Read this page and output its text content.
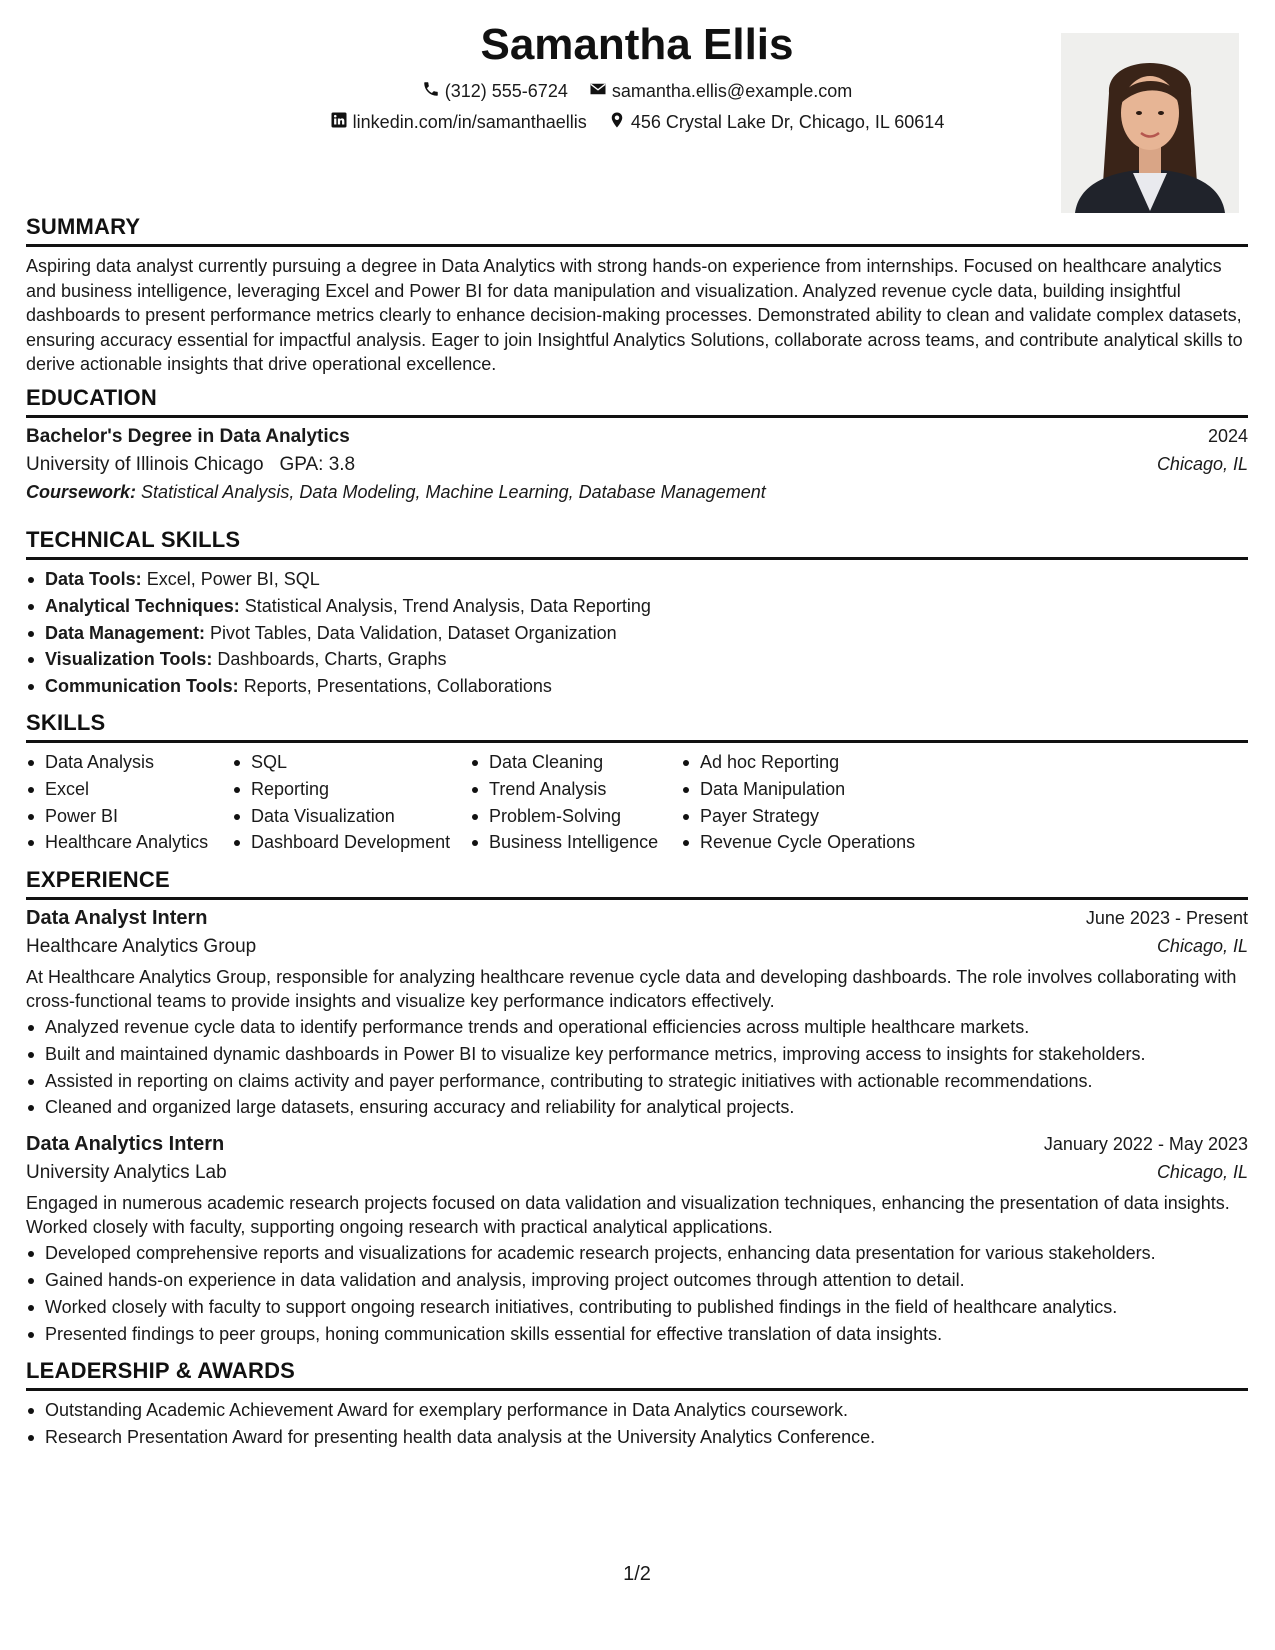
Samantha Ellis
(312) 555-6724
samantha.ellis@example.com
linkedin.com/in/samanthaellis
456 Crystal Lake Dr, Chicago, IL 60614
SUMMARY

Aspiring data analyst currently pursuing a degree in Data Analytics with strong hands-on experience from internships. Focused on healthcare analytics and business intelligence, leveraging Excel and Power BI for data manipulation and visualization. Analyzed revenue cycle data, building insightful dashboards to present performance metrics clearly to enhance decision-making processes. Demonstrated ability to clean and validate complex datasets, ensuring accuracy essential for impactful analysis. Eager to join Insightful Analytics Solutions, collaborate across teams, and contribute analytical skills to derive actionable insights that drive operational excellence.

EDUCATION
Bachelor's Degree in Data Analytics	2024
University of Illinois Chicago GPA: 3.8	Chicago, IL
Coursework: Statistical Analysis, Data Modeling, Machine Learning, Database Management
TECHNICAL SKILLS
Data Tools: Excel, Power BI, SQL
Analytical Techniques: Statistical Analysis, Trend Analysis, Data Reporting
Data Management: Pivot Tables, Data Validation, Dataset Organization
Visualization Tools: Dashboards, Charts, Graphs
Communication Tools: Reports, Presentations, Collaborations
SKILLS
Data Analysis
Excel
Power BI
Healthcare Analytics
SQL
Reporting
Data Visualization
Dashboard Development
Data Cleaning
Trend Analysis
Problem-Solving
Business Intelligence
Ad hoc Reporting
Data Manipulation
Payer Strategy
Revenue Cycle Operations
EXPERIENCE
Data Analyst Intern	June 2023 - Present
Healthcare Analytics Group	Chicago, IL

At Healthcare Analytics Group, responsible for analyzing healthcare revenue cycle data and developing dashboards. The role involves collaborating with cross-functional teams to provide insights and visualize key performance indicators effectively.

Analyzed revenue cycle data to identify performance trends and operational efficiencies across multiple healthcare markets.
Built and maintained dynamic dashboards in Power BI to visualize key performance metrics, improving access to insights for stakeholders.
Assisted in reporting on claims activity and payer performance, contributing to strategic initiatives with actionable recommendations.
Cleaned and organized large datasets, ensuring accuracy and reliability for analytical projects.
Data Analytics Intern	January 2022 - May 2023
University Analytics Lab	Chicago, IL

Engaged in numerous academic research projects focused on data validation and visualization techniques, enhancing the presentation of data insights. Worked closely with faculty, supporting ongoing research with practical analytical applications.

Developed comprehensive reports and visualizations for academic research projects, enhancing data presentation for various stakeholders.
Gained hands-on experience in data validation and analysis, improving project outcomes through attention to detail.
Worked closely with faculty to support ongoing research initiatives, contributing to published findings in the field of healthcare analytics.
Presented findings to peer groups, honing communication skills essential for effective translation of data insights.
LEADERSHIP & AWARDS
Outstanding Academic Achievement Award for exemplary performance in Data Analytics coursework.
Research Presentation Award for presenting health data analysis at the University Analytics Conference.
1/2
